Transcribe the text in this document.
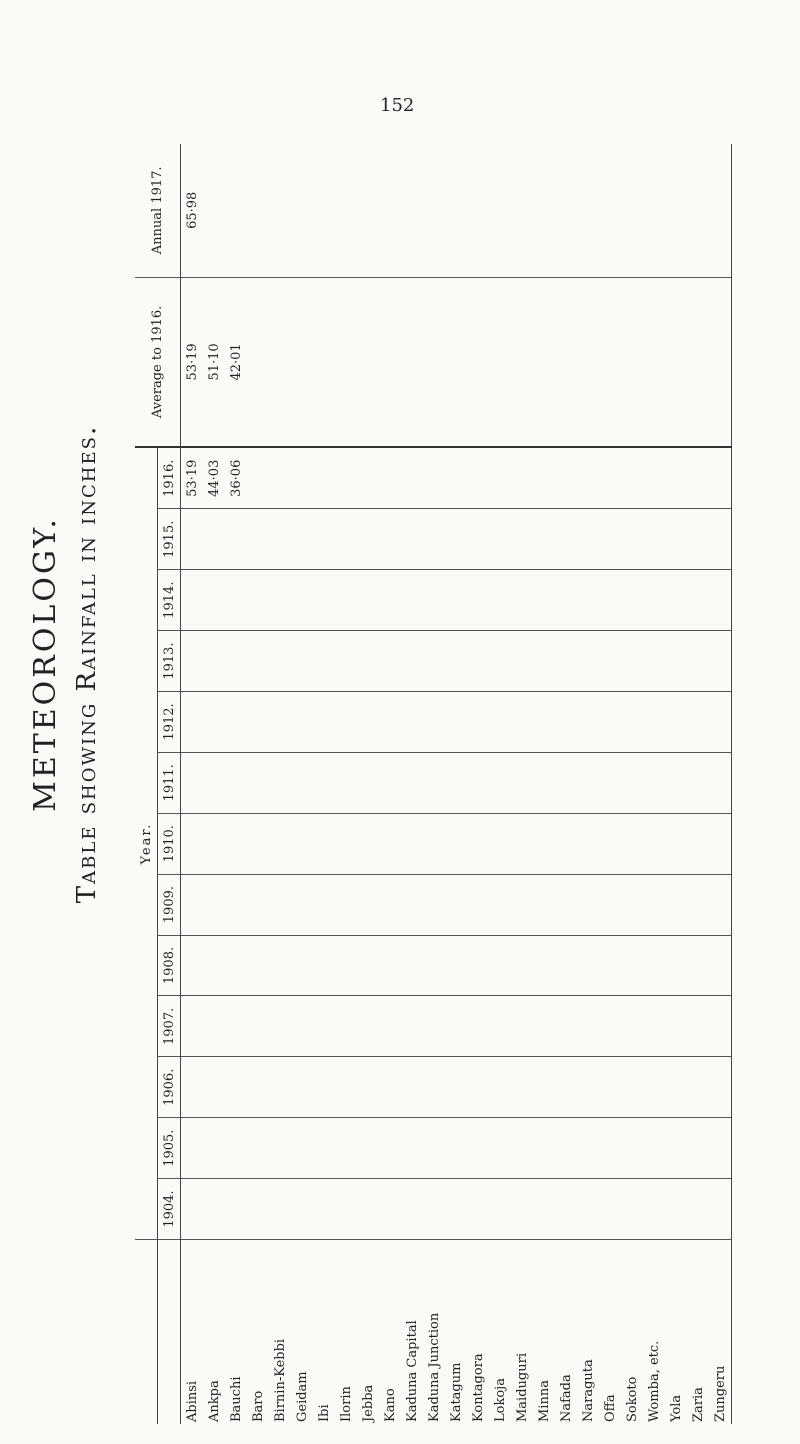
152
METEOROLOGY. Table showing Rainfall in inches.
		Year.													Average to 1916.	Annual 1917.
	1904.	1905.	1906.	1907.	1908.	1909.	1910.	1911.	1912.	1913.	1914.	1915.	1916.		
Abinsi													53·19	53·19	65·98
Ankpa													44·03	51·10	
Bauchi													36·06	42·01	
Baro															
Birnin-Kebbi															
Geidam															
Ibi															
Ilorin															
Jebba															
Kano															
Kaduna Capital															
Kaduna Junction															
Katagum															
Kontagora															
Lokoja															
Maiduguri															
Minna															
Nafada															
Naraguta															
Offa															
Sokoto															
Womba, etc.															
Yola															
Zaria															
Zungeru															
